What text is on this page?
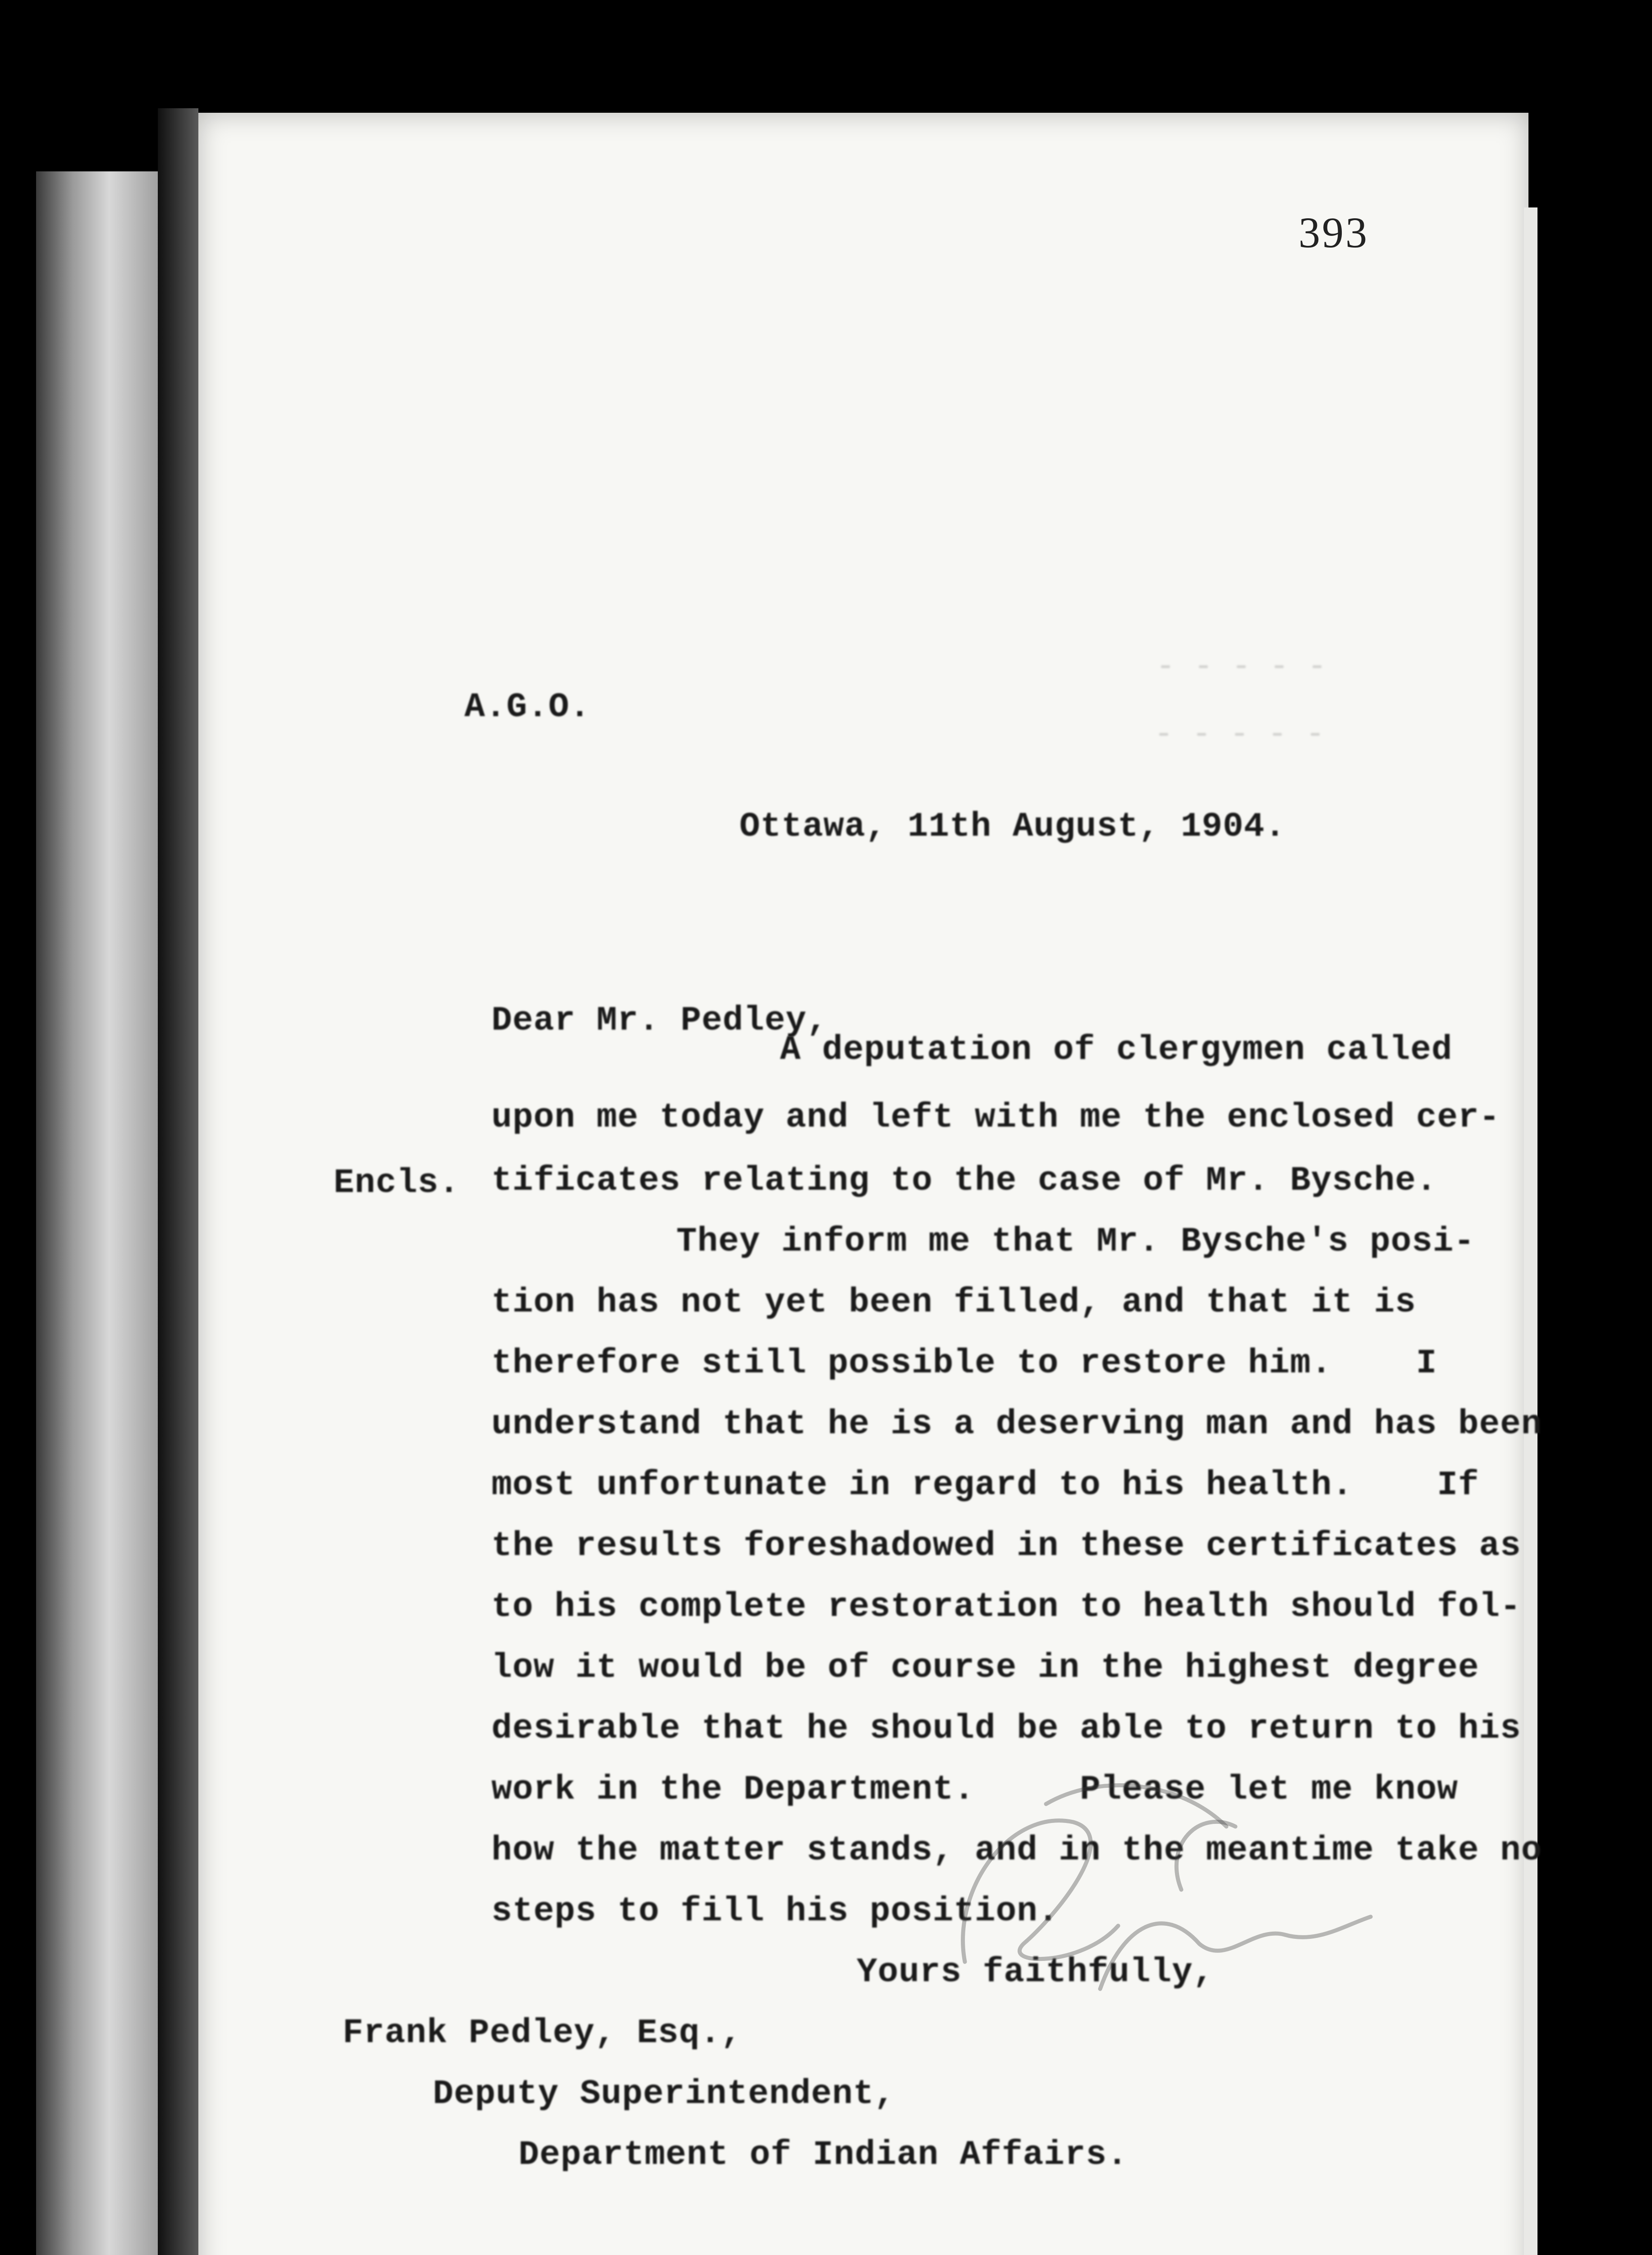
393
- - - - -
- - - - -
A.G.O.
Ottawa, 11th August, 1904.
Dear Mr. Pedley,
Encls.
A deputation of clergymen called
upon me today and left with me the enclosed cer-
tificates relating to the case of Mr. Bysche.
They inform me that Mr. Bysche's posi-
tion has not yet been filled, and that it is
therefore still possible to restore him.    I
understand that he is a deserving man and has been
most unfortunate in regard to his health.    If
the results foreshadowed in these certificates as
to his complete restoration to health should fol-
low it would be of course in the highest degree
desirable that he should be able to return to his
work in the Department.     Please let me know
how the matter stands, and in the meantime take no
steps to fill his position.
Yours faithfully,
Frank Pedley, Esq.,
Deputy Superintendent,
Department of Indian Affairs.
